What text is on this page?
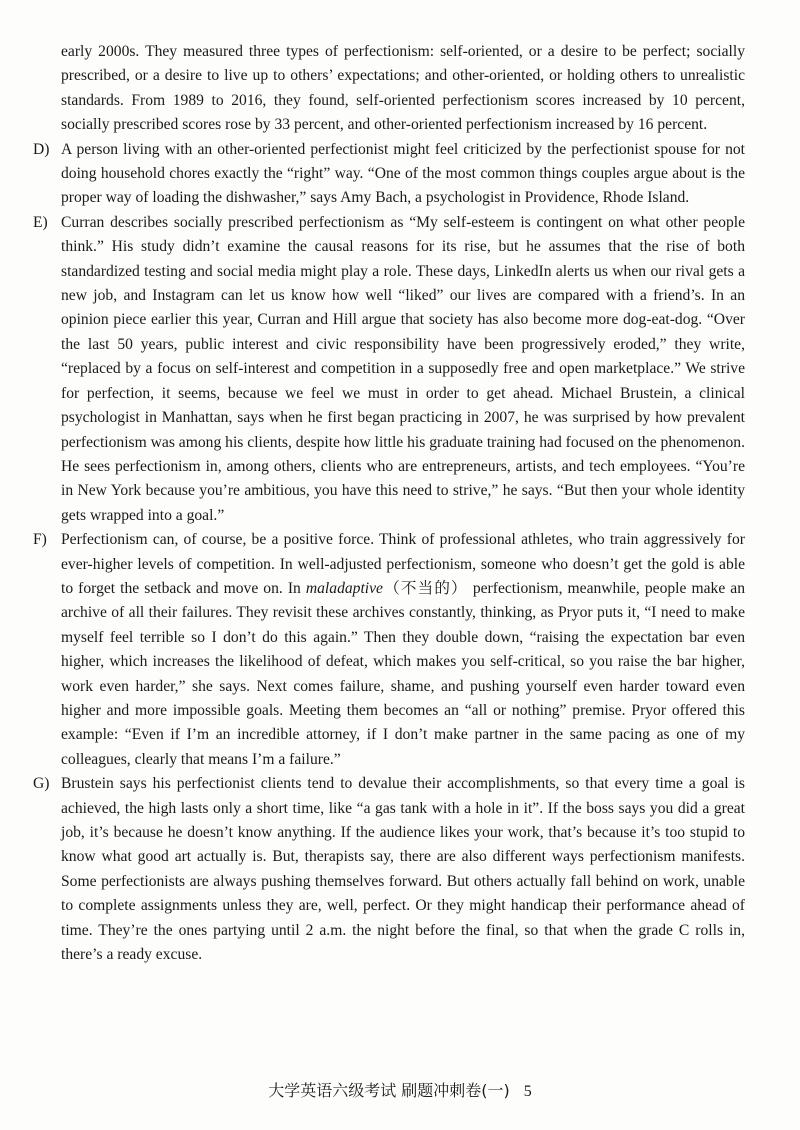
early 2000s. They measured three types of perfectionism: self-oriented, or a desire to be perfect; socially prescribed, or a desire to live up to others’ expectations; and other-oriented, or holding others to unrealistic standards. From 1989 to 2016, they found, self-oriented perfectionism scores increased by 10 percent, socially prescribed scores rose by 33 percent, and other-oriented perfectionism increased by 16 percent.

D) A person living with an other-oriented perfectionist might feel criticized by the perfectionist spouse for not doing household chores exactly the “right” way. “One of the most common things couples argue about is the proper way of loading the dishwasher,” says Amy Bach, a psychologist in Providence, Rhode Island.

E) Curran describes socially prescribed perfectionism as “My self-esteem is contingent on what other people think.” His study didn’t examine the causal reasons for its rise, but he assumes that the rise of both standardized testing and social media might play a role. These days, LinkedIn alerts us when our rival gets a new job, and Instagram can let us know how well “liked” our lives are compared with a friend’s. In an opinion piece earlier this year, Curran and Hill argue that society has also become more dog-eat-dog. “Over the last 50 years, public interest and civic responsibility have been progressively eroded,” they write, “replaced by a focus on self-interest and competition in a supposedly free and open marketplace.” We strive for perfection, it seems, because we feel we must in order to get ahead. Michael Brustein, a clinical psychologist in Manhattan, says when he first began practicing in 2007, he was surprised by how prevalent perfectionism was among his clients, despite how little his graduate training had focused on the phenomenon. He sees perfectionism in, among others, clients who are entrepreneurs, artists, and tech employees. “You’re in New York because you’re ambitious, you have this need to strive,” he says. “But then your whole identity gets wrapped into a goal.”

F) Perfectionism can, of course, be a positive force. Think of professional athletes, who train aggressively for ever-higher levels of competition. In well-adjusted perfectionism, someone who doesn’t get the gold is able to forget the setback and move on. In maladaptive（不当的） perfectionism, meanwhile, people make an archive of all their failures. They revisit these archives constantly, thinking, as Pryor puts it, “I need to make myself feel terrible so I don’t do this again.” Then they double down, “raising the expectation bar even higher, which increases the likelihood of defeat, which makes you self-critical, so you raise the bar higher, work even harder,” she says. Next comes failure, shame, and pushing yourself even harder toward even higher and more impossible goals. Meeting them becomes an “all or nothing” premise. Pryor offered this example: “Even if I’m an incredible attorney, if I don’t make partner in the same pacing as one of my colleagues, clearly that means I’m a failure.”

G) Brustein says his perfectionist clients tend to devalue their accomplishments, so that every time a goal is achieved, the high lasts only a short time, like “a gas tank with a hole in it”. If the boss says you did a great job, it’s because he doesn’t know anything. If the audience likes your work, that’s because it’s too stupid to know what good art actually is. But, therapists say, there are also different ways perfectionism manifests. Some perfectionists are always pushing themselves forward. But others actually fall behind on work, unable to complete assignments unless they are, well, perfect. Or they might handicap their performance ahead of time. They’re the ones partying until 2 a.m. the night before the final, so that when the grade C rolls in, there’s a ready excuse.

大学英语六级考试 刷题冲刺卷(一) 5
